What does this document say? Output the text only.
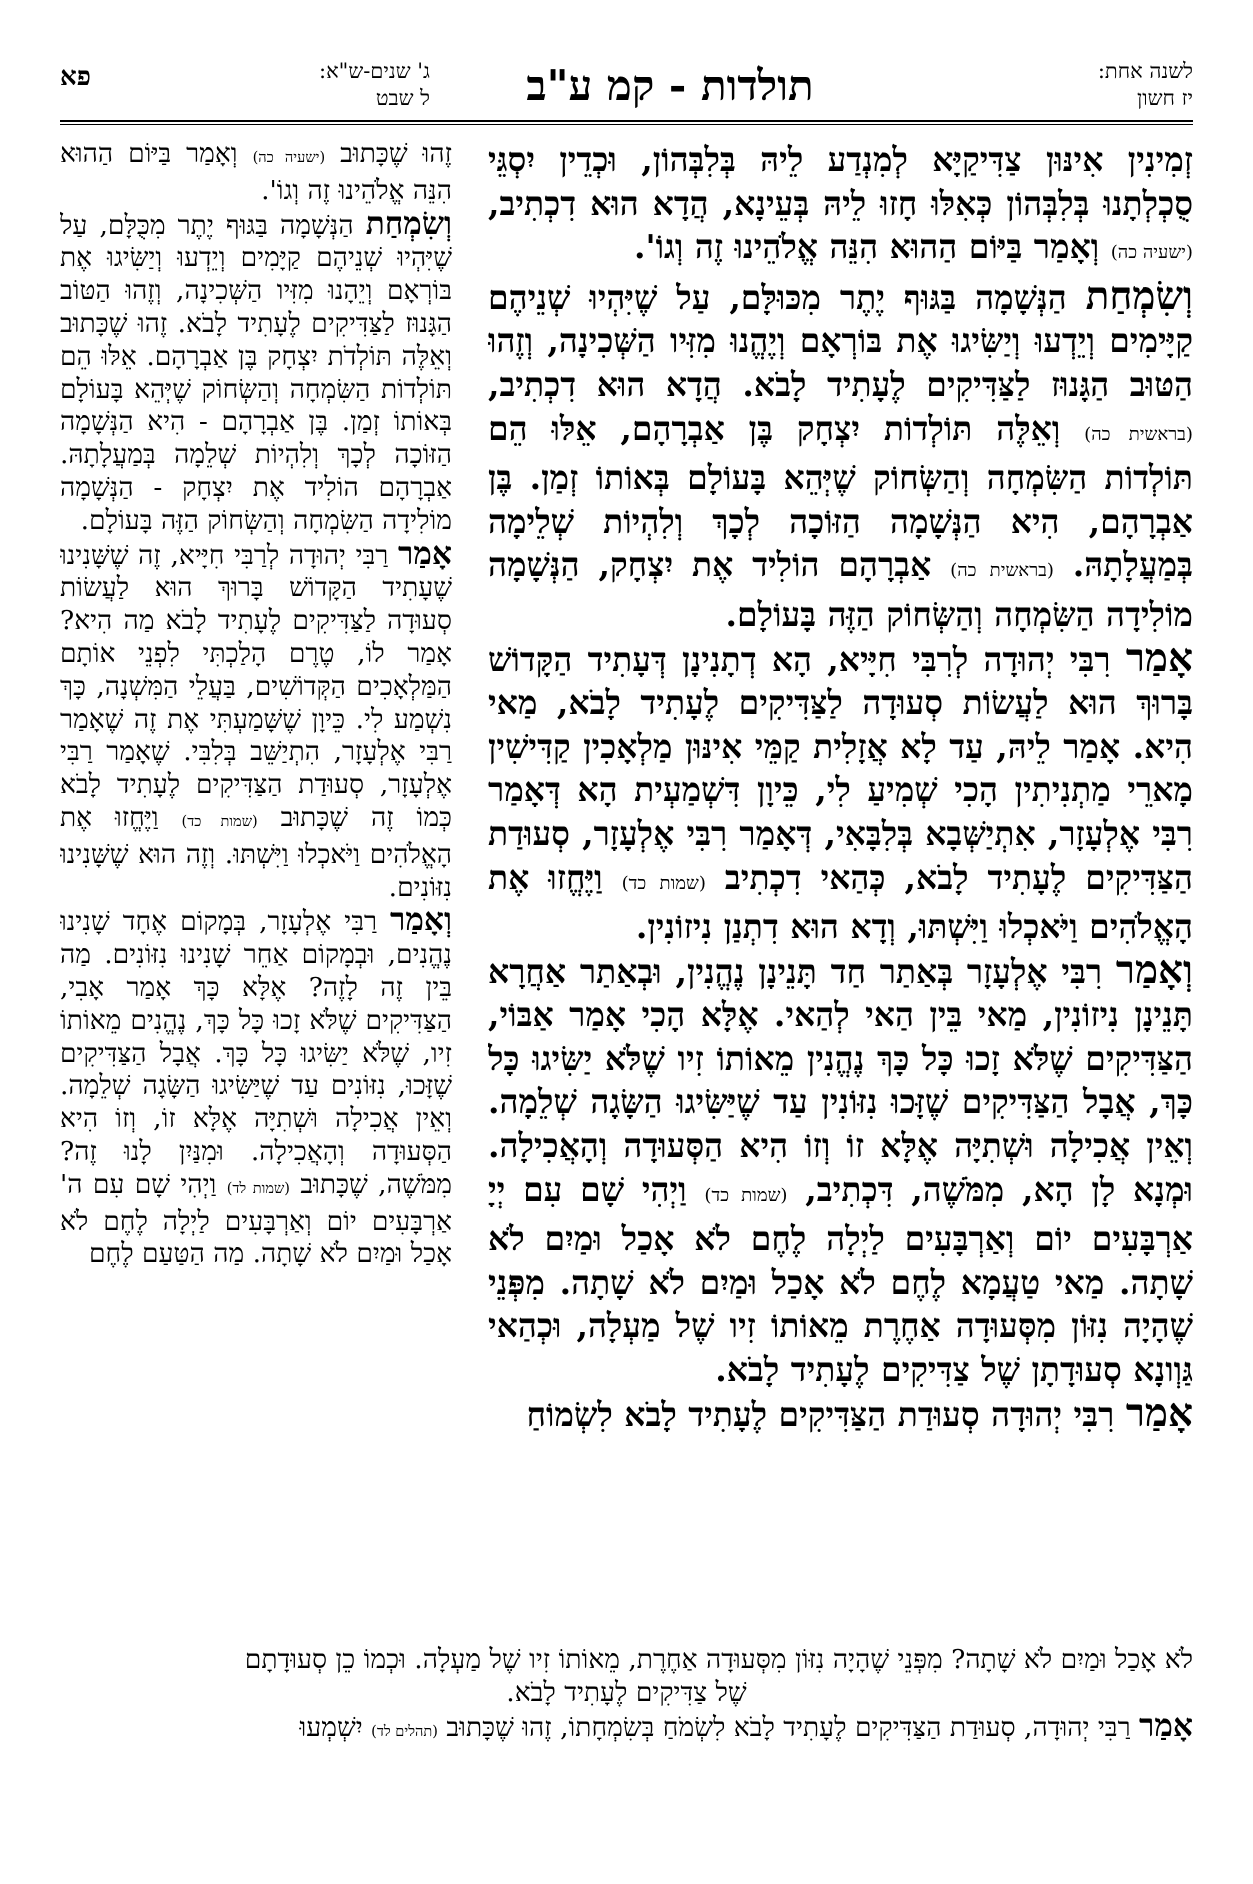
לשנה אחת:
יז חשון
תולדות - קמ ע"ב
ג' שנים-ש"א:
ל שבט
פא

זְמִינִין אִינּוּן צַדִּיקַיָּא לְמִנְדַע לֵיהּ בְּלִבְּהוֹן, וּכְדֵין יִסְגֵּי סֻכְלְתָנוּ בְּלִבְּהוֹן כְּאִלּוּ חָזוּ לֵיהּ בְּעֵינָא, הֲדָא הוּא דִכְתִיב, (ישעיה כה) וְאָמַר בַּיּוֹם הַהוּא הִנֵּה אֱלֹהֵינוּ זֶה וְגוֹ'.

וְשִׂמְחַת הַנְּשָׁמָה בַּגּוּף יֶתֶר מִכּוּלָּם, עַל שֶׁיִּהְיוּ שְׁנֵיהֶם קַיָּימִים וְיֵדְעוּ וְיַשִּׂיגוּ אֶת בּוֹרְאָם וְיֶהֱנוּ מִזִּיו הַשְּׁכִינָה, וְזֶהוּ הַטּוּב הַגָּנוּז לַצַּדִּיקִים לֶעָתִיד לָבֹא. הֲדָא הוּא דִכְתִיב, (בראשית כה) וְאֵלֶּה תּוֹלְדוֹת יִצְחָק בֶּן אַבְרָהָם, אֵלּוּ הֵם תּוֹלְדוֹת הַשִּׂמְחָה וְהַשְּׂחוֹק שֶׁיְּהֵא בָּעוֹלָם בְּאוֹתוֹ זְמַן. בֶּן אַבְרָהָם, הִיא הַנְּשָׁמָה הַזּוֹכָה לְכָךְ וְלִהְיוֹת שְׁלֵימָה בְּמַעֲלָתָהּ. (בראשית כה) אַבְרָהָם הוֹלִיד אֶת יִצְחָק, הַנְּשָׁמָה מוֹלִידָה הַשִּׂמְחָה וְהַשְּׂחוֹק הַזֶּה בָּעוֹלָם.

אָמַר רִבִּי יְהוּדָה לְרִבִּי חִיָּיא, הָא דְתָנִינָן דְּעָתִיד הַקָּדוֹשׁ בָּרוּךְ הוּא לַעֲשׂוֹת סְעוּדָה לַצַּדִּיקִים לֶעָתִיד לָבֹא, מַאי הִיא. אָמַר לֵיהּ, עַד לָא אֲזָלִית קַמֵּי אִינּוּן מַלְאָכִין קַדִּישִׁין מָארֵי מַתְנִיתִין הָכִי שְׁמִיעַ לִי, כֵּיוָן דִּשְׁמַעְית הָא דְּאָמַר רִבִּי אֶלְעָזָר, אִתְיַשְּׁבָא בְּלִבָּאִי, דְּאָמַר רִבִּי אֶלְעָזָר, סְעוּדַת הַצַּדִּיקִים לֶעָתִיד לָבֹא, כְּהַאי דִכְתִיב (שמות כד) וַיֶּחֱזוּ אֶת הָאֱלֹהִים וַיֹּאכְלוּ וַיִּשְׁתּוּ, וְדָא הוּא דִתְנַן נִיזוֹנִין.

וְאָמַר רִבִּי אֶלְעָזָר בְּאַתַר חַד תָּנֵינָן נֶהֱנִין, וּבְאַתַר אַחֲרָא תָּנֵינָן נִיזוֹנִין, מַאי בֵּין הַאי לְהַאי. אֶלָּא הָכִי אָמַר אַבּוֹי, הַצַּדִּיקִים שֶׁלֹּא זָכוּ כָּל כָּךְ נֶהֱנִין מֵאוֹתוֹ זִיו שֶׁלֹּא יַשִּׂיגוּ כָּל כָּךְ, אֲבָל הַצַּדִּיקִים שֶׁזָּכוּ נִזּוֹנִין עַד שֶׁיַּשִּׂיגוּ הַשָּׂגָה שְׁלֵמָה. וְאֵין אֲכִילָה וּשְׁתִיָּה אֶלָּא זוֹ וְזוֹ הִיא הַסְּעוּדָה וְהָאֲכִילָה. וּמְנָא לָן הָא, מִמֹּשֶׁה, דִּכְתִיב, (שמות כד) וַיְהִי שָׁם עִם יְיָ אַרְבָּעִים יוֹם וְאַרְבָּעִים לַיְלָה לֶחֶם לֹא אָכַל וּמַיִם לֹא שָׁתָה. מַאי טַעֲמָא לֶחֶם לֹא אָכַל וּמַיִם לֹא שָׁתָה. מִפְּנֵי שֶׁהָיָה נִזּוֹן מִסְּעוּדָה אַחֶרֶת מֵאוֹתוֹ זִיו שֶׁל מַעְלָה, וּכְהַאי גַּוְונָא סְעוּדָתָן שֶׁל צַדִּיקִים לֶעָתִיד לָבֹא.

אָמַר רִבִּי יְהוּדָה סְעוּדַת הַצַּדִּיקִים לֶעָתִיד לָבֹא לִשְׂמוֹחַ

זֶהוּ שֶׁכָּתוּב (ישעיה כה) וְאָמַר בַּיּוֹם הַהוּא הִנֵּה אֱלֹהֵינוּ זֶה וְגוֹ'.

וְשִׂמְחַת הַנְּשָׁמָה בַּגּוּף יֶתֶר מִכֻּלָּם, עַל שֶׁיִּהְיוּ שְׁנֵיהֶם קַיָּמִים וְיֵדְעוּ וְיַשִּׂיגוּ אֶת בּוֹרְאָם וְיֵהָנוּ מִזִּיו הַשְּׁכִינָה, וְזֶהוּ הַטּוֹב הַגָּנוּז לַצַּדִּיקִים לֶעָתִיד לָבֹא. זֶהוּ שֶׁכָּתוּב וְאֵלֶּה תּוֹלְדֹת יִצְחָק בֶּן אַבְרָהָם. אֵלּוּ הֵם תּוֹלְדוֹת הַשִּׂמְחָה וְהַשְּׂחוֹק שֶׁיְּהֵא בָּעוֹלָם בְּאוֹתוֹ זְמַן. בֶּן אַבְרָהָם - הִיא הַנְּשָׁמָה הַזּוֹכָה לְכָךְ וְלִהְיוֹת שְׁלֵמָה בְּמַעֲלָתָהּ. אַבְרָהָם הוֹלִיד אֶת יִצְחָק - הַנְּשָׁמָה מוֹלִידָה הַשִּׂמְחָה וְהַשְּׂחוֹק הַזֶּה בָּעוֹלָם.

אָמַר רַבִּי יְהוּדָה לְרַבִּי חִיָּיא, זֶה שֶׁשָּׁנִינוּ שֶׁעָתִיד הַקָּדוֹשׁ בָּרוּךְ הוּא לַעֲשׂוֹת סְעוּדָה לַצַּדִּיקִים לֶעָתִיד לָבֹא מַה הִיא? אָמַר לוֹ, טֶרֶם הָלַכְתִּי לִפְנֵי אוֹתָם הַמַּלְאָכִים הַקְּדוֹשִׁים, בַּעֲלֵי הַמִּשְׁנָה, כָּךְ נִשְׁמַע לִי. כֵּיוָן שֶׁשָּׁמַעְתִּי אֶת זֶה שֶׁאָמַר רַבִּי אֶלְעָזָר, הִתְיַשֵּׁב בְּלִבִּי. שֶׁאָמַר רַבִּי אֶלְעָזָר, סְעוּדַת הַצַּדִּיקִים לֶעָתִיד לָבֹא כְּמוֹ זֶה שֶׁכָּתוּב (שמות כד) וַיֶּחֱזוּ אֶת הָאֱלֹהִים וַיֹּאכְלוּ וַיִּשְׁתּוּ. וְזֶה הוּא שֶׁשָּׁנִינוּ נִזּוֹנִים.

וְאָמַר רַבִּי אֶלְעָזָר, בְּמָקוֹם אֶחָד שָׁנִינוּ נֶהֱנִים, וּבְמָקוֹם אַחֵר שָׁנִינוּ נִזּוֹנִים. מַה בֵּין זֶה לָזֶה? אֶלָּא כָּךְ אָמַר אָבִי, הַצַּדִּיקִים שֶׁלֹּא זָכוּ כָּל כָּךְ, נֶהֱנִים מֵאוֹתוֹ זִיו, שֶׁלֹּא יַשִּׂיגוּ כָּל כָּךְ. אֲבָל הַצַּדִּיקִים שֶׁזָּכוּ, נִזּוֹנִים עַד שֶׁיַּשִּׂיגוּ הַשָּׂגָה שְׁלֵמָה. וְאֵין אֲכִילָה וּשְׁתִיָּה אֶלָּא זוֹ, וְזוֹ הִיא הַסְּעוּדָה וְהָאֲכִילָה. וּמִנַּיִן לָנוּ זֶה? מִמֹּשֶׁה, שֶׁכָּתוּב (שמות לד) וַיְהִי שָׁם עִם ה' אַרְבָּעִים יוֹם וְאַרְבָּעִים לַיְלָה לֶחֶם לֹא אָכַל וּמַיִם לֹא שָׁתָה. מַה הַטַּעַם לֶחֶם

לֹא אָכַל וּמַיִם לֹא שָׁתָה? מִפְּנֵי שֶׁהָיָה נִזּוֹן מִסְּעוּדָה אַחֶרֶת, מֵאוֹתוֹ זִיו שֶׁל מַעְלָה. וּכְמוֹ כֵן סְעוּדָתָם

שֶׁל צַדִּיקִים לֶעָתִיד לָבֹא.

אָמַר רַבִּי יְהוּדָה, סְעוּדַת הַצַּדִּיקִים לֶעָתִיד לָבֹא לִשְׂמֹחַ בְּשִׂמְחָתוֹ, זֶהוּ שֶׁכָּתוּב (תהלים לד) יִשְׁמְעוּ
